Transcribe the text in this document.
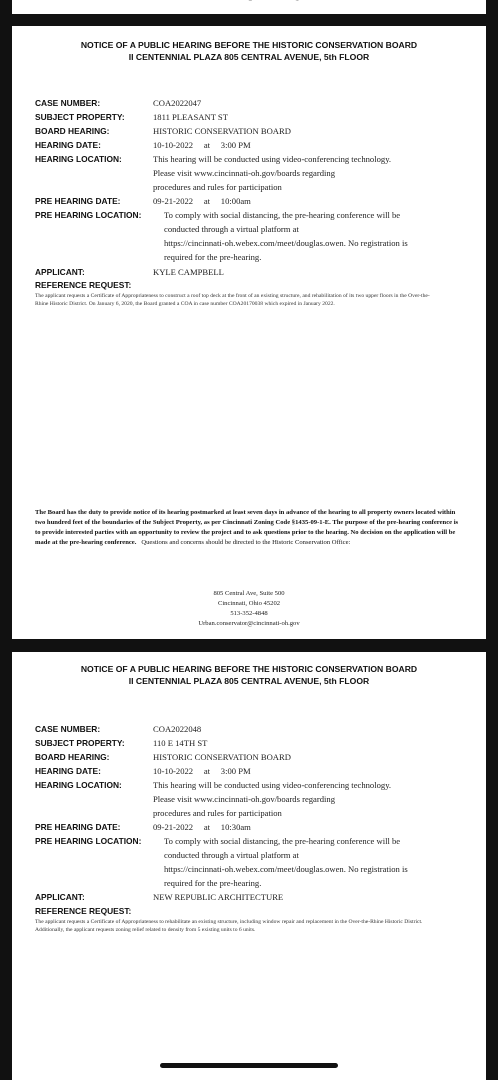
NOTICE OF A PUBLIC HEARING BEFORE THE HISTORIC CONSERVATION BOARD
II CENTENNIAL PLAZA 805 CENTRAL AVENUE, 5th FLOOR
CASE NUMBER:	COA2022047
SUBJECT PROPERTY:	1811 PLEASANT ST
BOARD HEARING:	HISTORIC CONSERVATION BOARD
HEARING DATE:	10-10-2022     at     3:00 PM
HEARING LOCATION:	This hearing will be conducted using video-conferencing technology.
Please visit www.cincinnati-oh.gov/boards regarding
procedures and rules for participation
PRE HEARING DATE:	09-21-2022     at     10:00am
PRE HEARING LOCATION:	To comply with social distancing, the pre-hearing conference will be
conducted through a virtual platform at
https://cincinnati-oh.webex.com/meet/douglas.owen. No registration is
required for the pre-hearing.
APPLICANT:	KYLE CAMPBELL
REFERENCE REQUEST:
The applicant requests a Certificate of Appropriateness to construct a roof top deck at the front of an existing structure, and rehabilitation of its two upper floors in the Over-the-Rhine Historic District. On January 6, 2020, the Board granted a COA in case number COA20170038 which expired in January 2022.
The Board has the duty to provide notice of its hearing postmarked at least seven days in advance of the hearing to all property owners located within two hundred feet of the boundaries of the Subject Property, as per Cincinnati Zoning Code §1435-09-1-E. The purpose of the pre-hearing conference is to provide interested parties with an opportunity to review the project and to ask questions prior to the hearing. No decision on the application will be made at the pre-hearing conference. Questions and concerns should be directed to the Historic Conservation Office:
805 Central Ave, Suite 500
Cincinnati, Ohio 45202
513-352-4848
Urban.conservator@cincinnati-oh.gov
NOTICE OF A PUBLIC HEARING BEFORE THE HISTORIC CONSERVATION BOARD
II CENTENNIAL PLAZA 805 CENTRAL AVENUE, 5th FLOOR
CASE NUMBER:	COA2022048
SUBJECT PROPERTY:	110 E 14TH ST
BOARD HEARING:	HISTORIC CONSERVATION BOARD
HEARING DATE:	10-10-2022     at     3:00 PM
HEARING LOCATION:	This hearing will be conducted using video-conferencing technology.
Please visit www.cincinnati-oh.gov/boards regarding
procedures and rules for participation
PRE HEARING DATE:	09-21-2022     at     10:30am
PRE HEARING LOCATION:	To comply with social distancing, the pre-hearing conference will be
conducted through a virtual platform at
https://cincinnati-oh.webex.com/meet/douglas.owen. No registration is
required for the pre-hearing.
APPLICANT:	NEW REPUBLIC ARCHITECTURE
REFERENCE REQUEST:
The applicant requests a Certificate of Appropriateness to rehabilitate an existing structure, including window repair and replacement in the Over-the-Rhine Historic District. Additionally, the applicant requests zoning relief related to density from 5 existing units to 6 units.
